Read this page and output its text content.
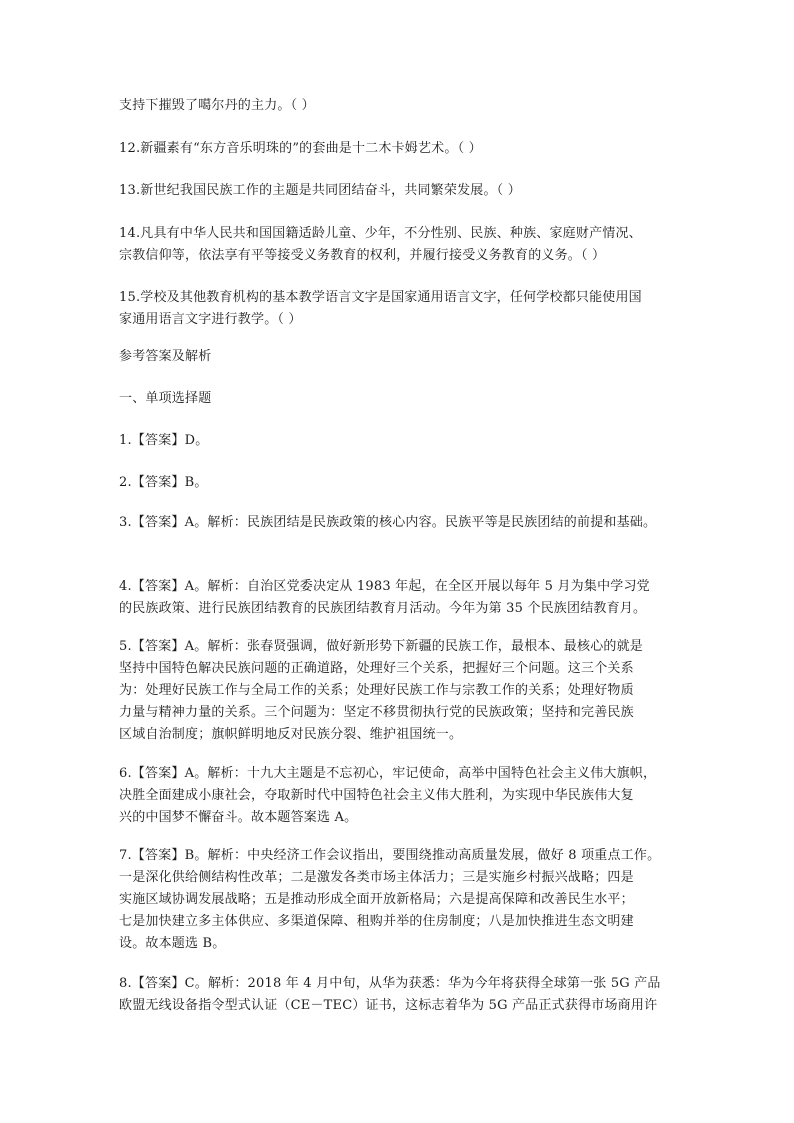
支持下摧毁了噶尔丹的主力。（ ）

12.新疆素有“东方音乐明珠的”的套曲是十二木卡姆艺术。（ ）

13.新世纪我国民族工作的主题是共同团结奋斗，共同繁荣发展。（ ）

14.凡具有中华人民共和国国籍适龄儿童、少年，不分性别、民族、种族、家庭财产情况、
宗教信仰等，依法享有平等接受义务教育的权利，并履行接受义务教育的义务。（ ）

15.学校及其他教育机构的基本教学语言文字是国家通用语言文字，任何学校都只能使用国
家通用语言文字进行教学。（ ）

参考答案及解析

一、单项选择题

1.【答案】D。

2.【答案】B。

3.【答案】A。解析：民族团结是民族政策的核心内容。民族平等是民族团结的前提和基础。

4.【答案】A。解析：自治区党委决定从 1983 年起，在全区开展以每年 5 月为集中学习党
的民族政策、进行民族团结教育的民族团结教育月活动。今年为第 35 个民族团结教育月。

5.【答案】A。解析：张春贤强调，做好新形势下新疆的民族工作，最根本、最核心的就是
坚持中国特色解决民族问题的正确道路，处理好三个关系，把握好三个问题。这三个关系
为：处理好民族工作与全局工作的关系；处理好民族工作与宗教工作的关系；处理好物质
力量与精神力量的关系。三个问题为：坚定不移贯彻执行党的民族政策；坚持和完善民族
区域自治制度；旗帜鲜明地反对民族分裂、维护祖国统一。

6.【答案】A。解析：十九大主题是不忘初心，牢记使命，高举中国特色社会主义伟大旗帜，
决胜全面建成小康社会，夺取新时代中国特色社会主义伟大胜利，为实现中华民族伟大复
兴的中国梦不懈奋斗。故本题答案选 A。

7.【答案】B。解析：中央经济工作会议指出，要围绕推动高质量发展，做好 8 项重点工作。
一是深化供给侧结构性改革；二是激发各类市场主体活力；三是实施乡村振兴战略；四是
实施区域协调发展战略；五是推动形成全面开放新格局；六是提高保障和改善民生水平；
七是加快建立多主体供应、多渠道保障、租购并举的住房制度；八是加快推进生态文明建
设。故本题选 B。

8.【答案】C。解析：2018 年 4 月中旬，从华为获悉：华为今年将获得全球第一张 5G 产品
欧盟无线设备指令型式认证（CE－TEC）证书，这标志着华为 5G 产品正式获得市场商用许
